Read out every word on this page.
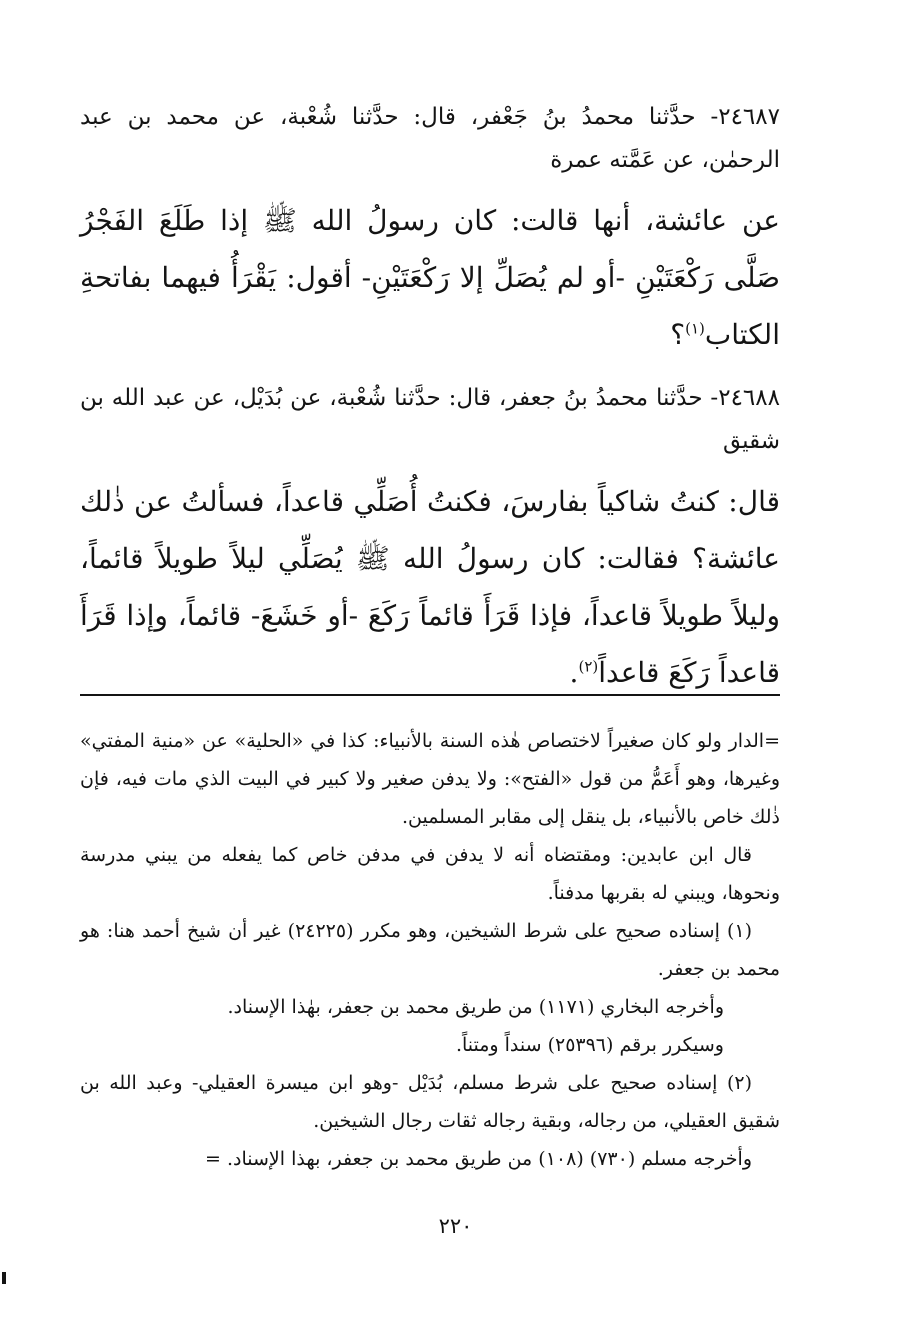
٢٤٦٨٧- حدَّثنا محمدُ بنُ جَعْفر، قال: حدَّثنا شُعْبة، عن محمد بن عبد الرحمٰن، عن عَمَّته عمرة

عن عائشة، أنها قالت: كان رسولُ الله ﷺ إذا طَلَعَ الفَجْرُ صَلَّى رَكْعَتَيْنِ -أو لم يُصَلِّ إلا رَكْعَتَيْنِ- أقول: يَقْرَأُ فيهما بفاتحةِ الكتاب$^{(١)}$؟

٢٤٦٨٨- حدَّثنا محمدُ بنُ جعفر، قال: حدَّثنا شُعْبة، عن بُدَيْل، عن عبد الله بن شقيق

قال: كنتُ شاكياً بفارسَ، فكنتُ أُصَلِّي قاعداً، فسألتُ عن ذٰلك عائشة؟ فقالت: كان رسولُ الله ﷺ يُصَلِّي ليلاً طويلاً قائماً، وليلاً طويلاً قاعداً، فإذا قَرَأَ قائماً رَكَعَ -أو خَشَعَ- قائماً، وإذا قَرَأَ قاعداً رَكَعَ قاعداً$^{(٢)}$.

=الدار ولو كان صغيراً لاختصاص هٰذه السنة بالأنبياء: كذا في «الحلية» عن «منية المفتي» وغيرها، وهو أَعَمُّ من قول «الفتح»: ولا يدفن صغير ولا كبير في البيت الذي مات فيه، فإن ذٰلك خاص بالأنبياء، بل ينقل إلى مقابر المسلمين.

قال ابن عابدين: ومقتضاه أنه لا يدفن في مدفن خاص كما يفعله من يبني مدرسة ونحوها، ويبني له بقربها مدفناً.

(١) إسناده صحيح على شرط الشيخين، وهو مكرر (٢٤٢٢٥) غير أن شيخ أحمد هنا: هو محمد بن جعفر.

وأخرجه البخاري (١١٧١) من طريق محمد بن جعفر، بهٰذا الإسناد.

وسيكرر برقم (٢٥٣٩٦) سنداً ومتناً.

(٢) إسناده صحيح على شرط مسلم، بُدَيْل -وهو ابن ميسرة العقيلي- وعبد الله بن شقيق العقيلي، من رجاله، وبقية رجاله ثقات رجال الشيخين.

وأخرجه مسلم (٧٣٠) (١٠٨) من طريق محمد بن جعفر، بهذا الإسناد. =

٢٢٠
